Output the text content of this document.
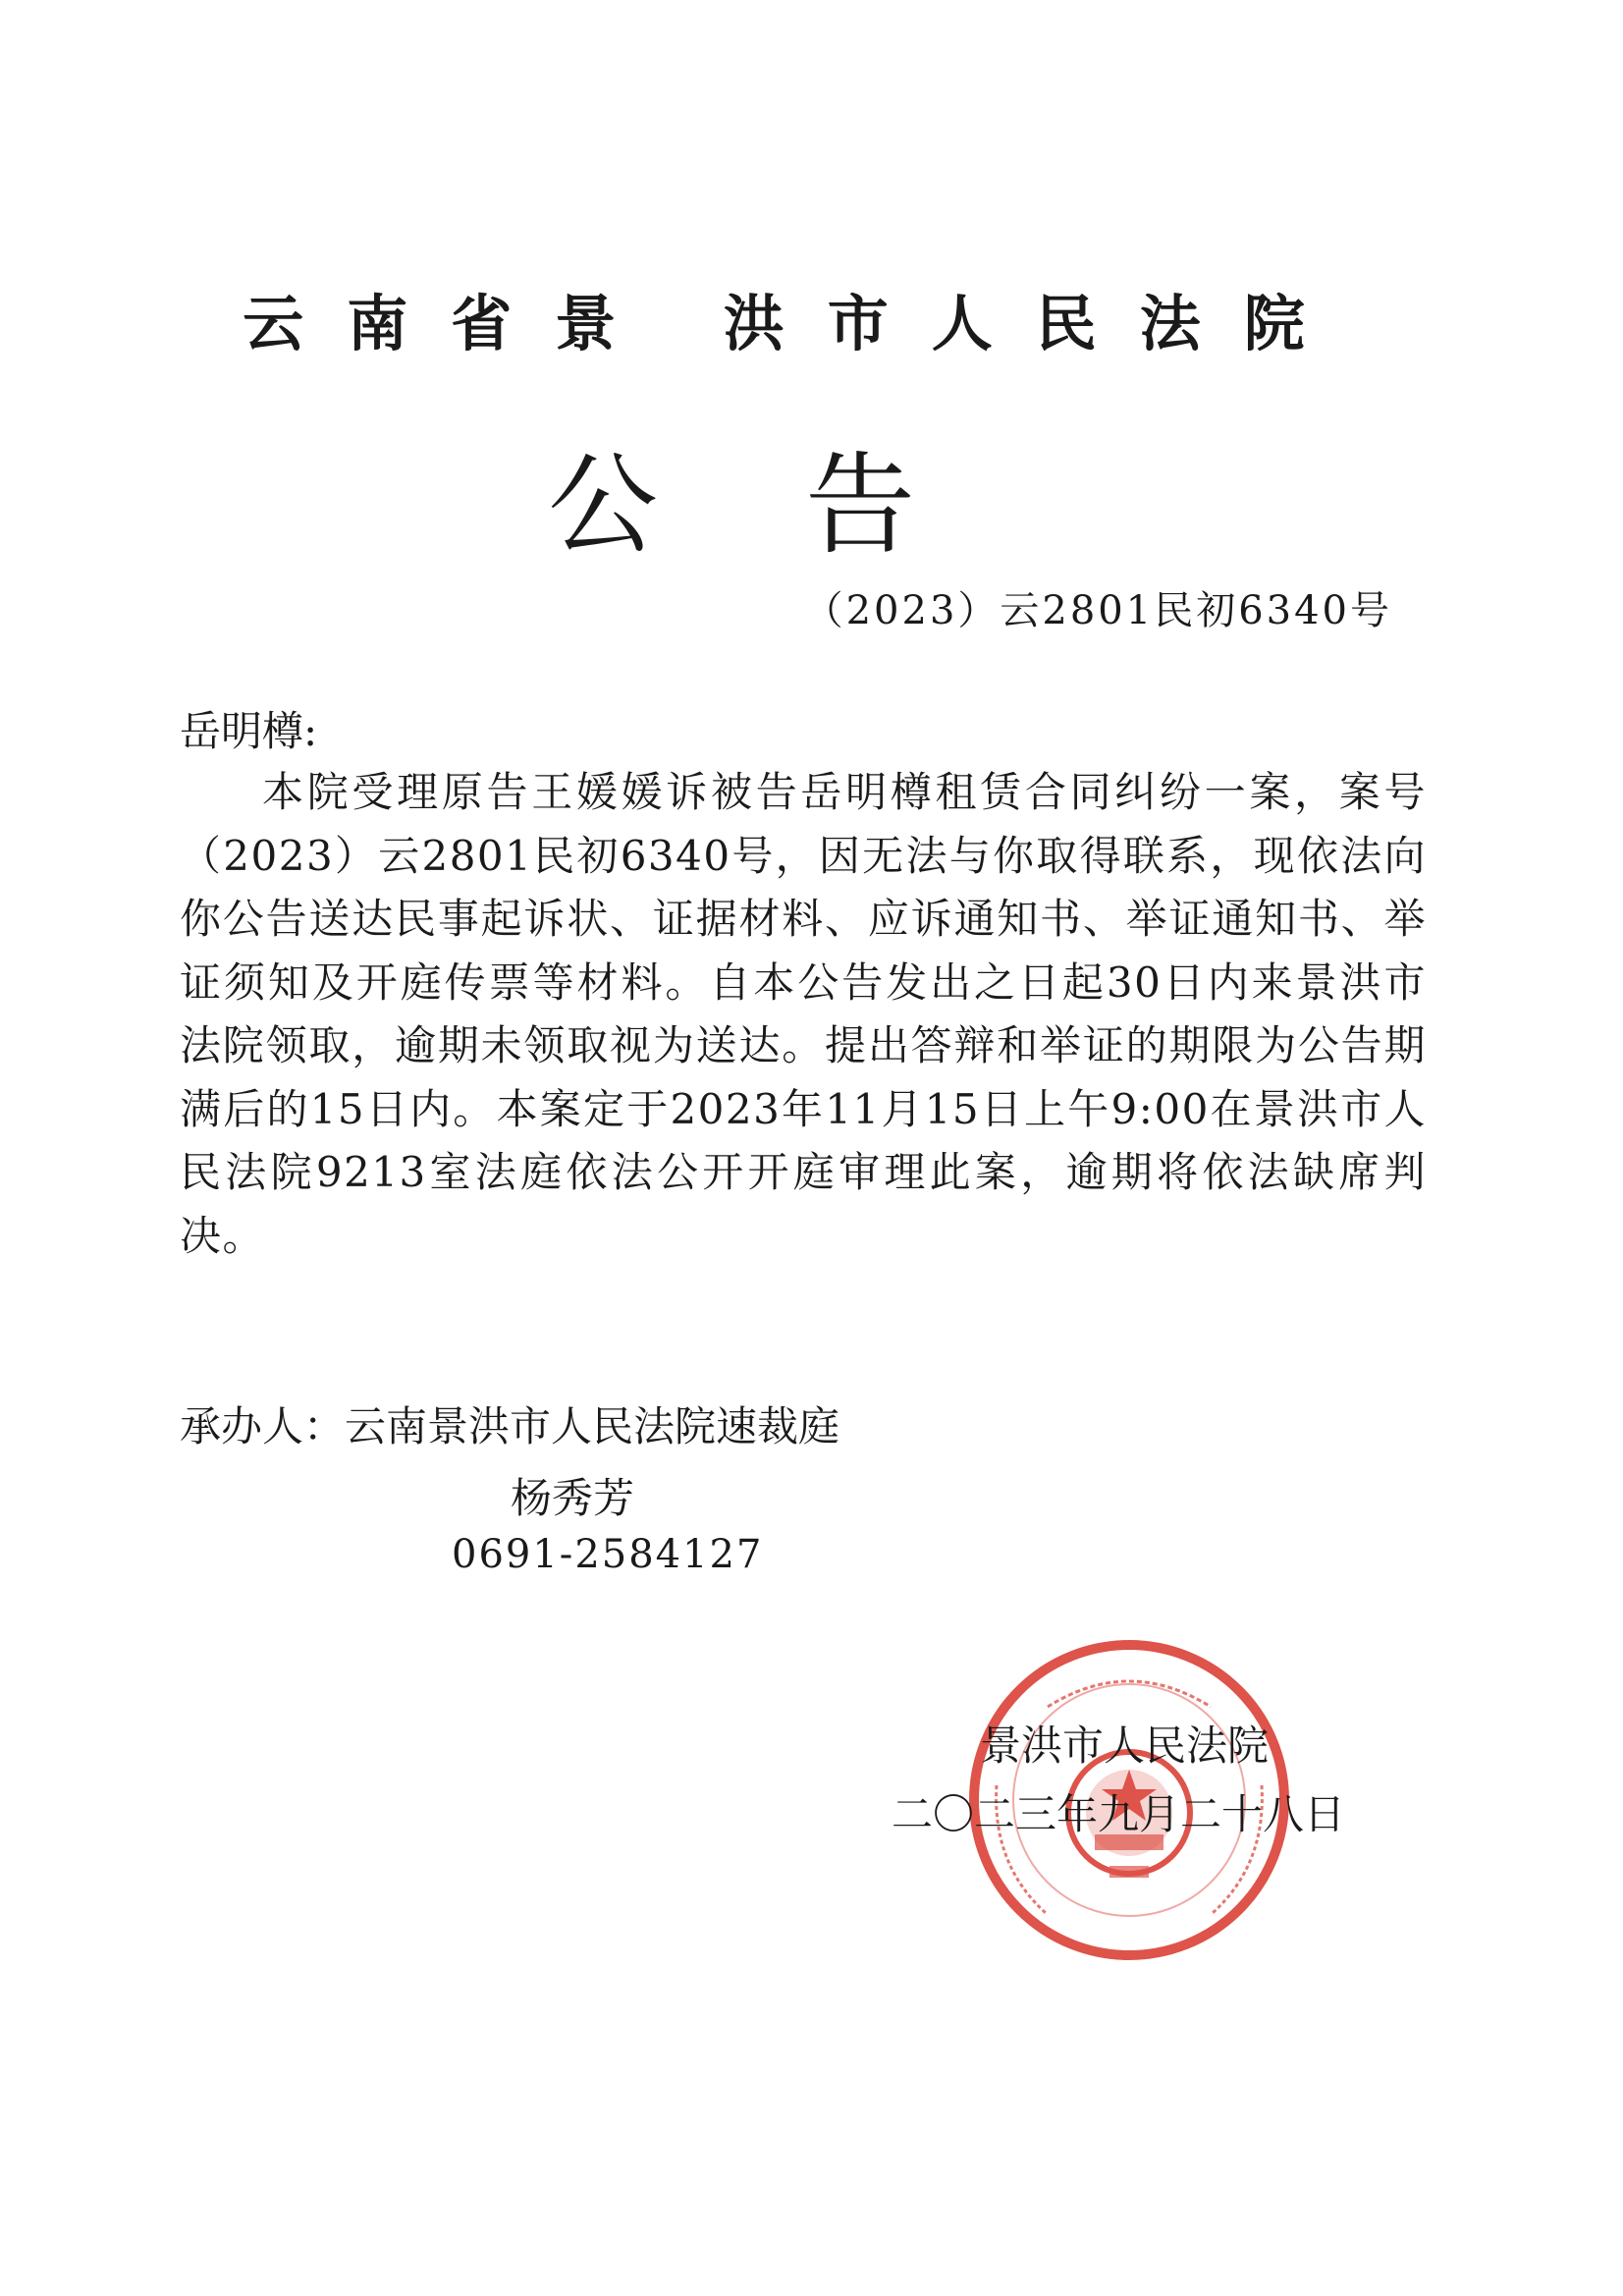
云南省景 洪市人民法院
公告
（2023）云2801民初6340号
岳明樽:
本院受理原告王媛媛诉被告岳明樽租赁合同纠纷一案，案号（2023）云2801民初6340号，因无法与你取得联系，现依法向你公告送达民事起诉状、证据材料、应诉通知书、举证通知书、举证须知及开庭传票等材料。自本公告发出之日起30日内来景洪市法院领取，逾期未领取视为送达。提出答辩和举证的期限为公告期满后的15日内。本案定于2023年11月15日上午9:00在景洪市人民法院9213室法庭依法公开开庭审理此案，逾期将依法缺席判决。
承办人：云南景洪市人民法院速裁庭
杨秀芳
0691-2584127
景洪市人民法院
二〇二三年九月二十八日
